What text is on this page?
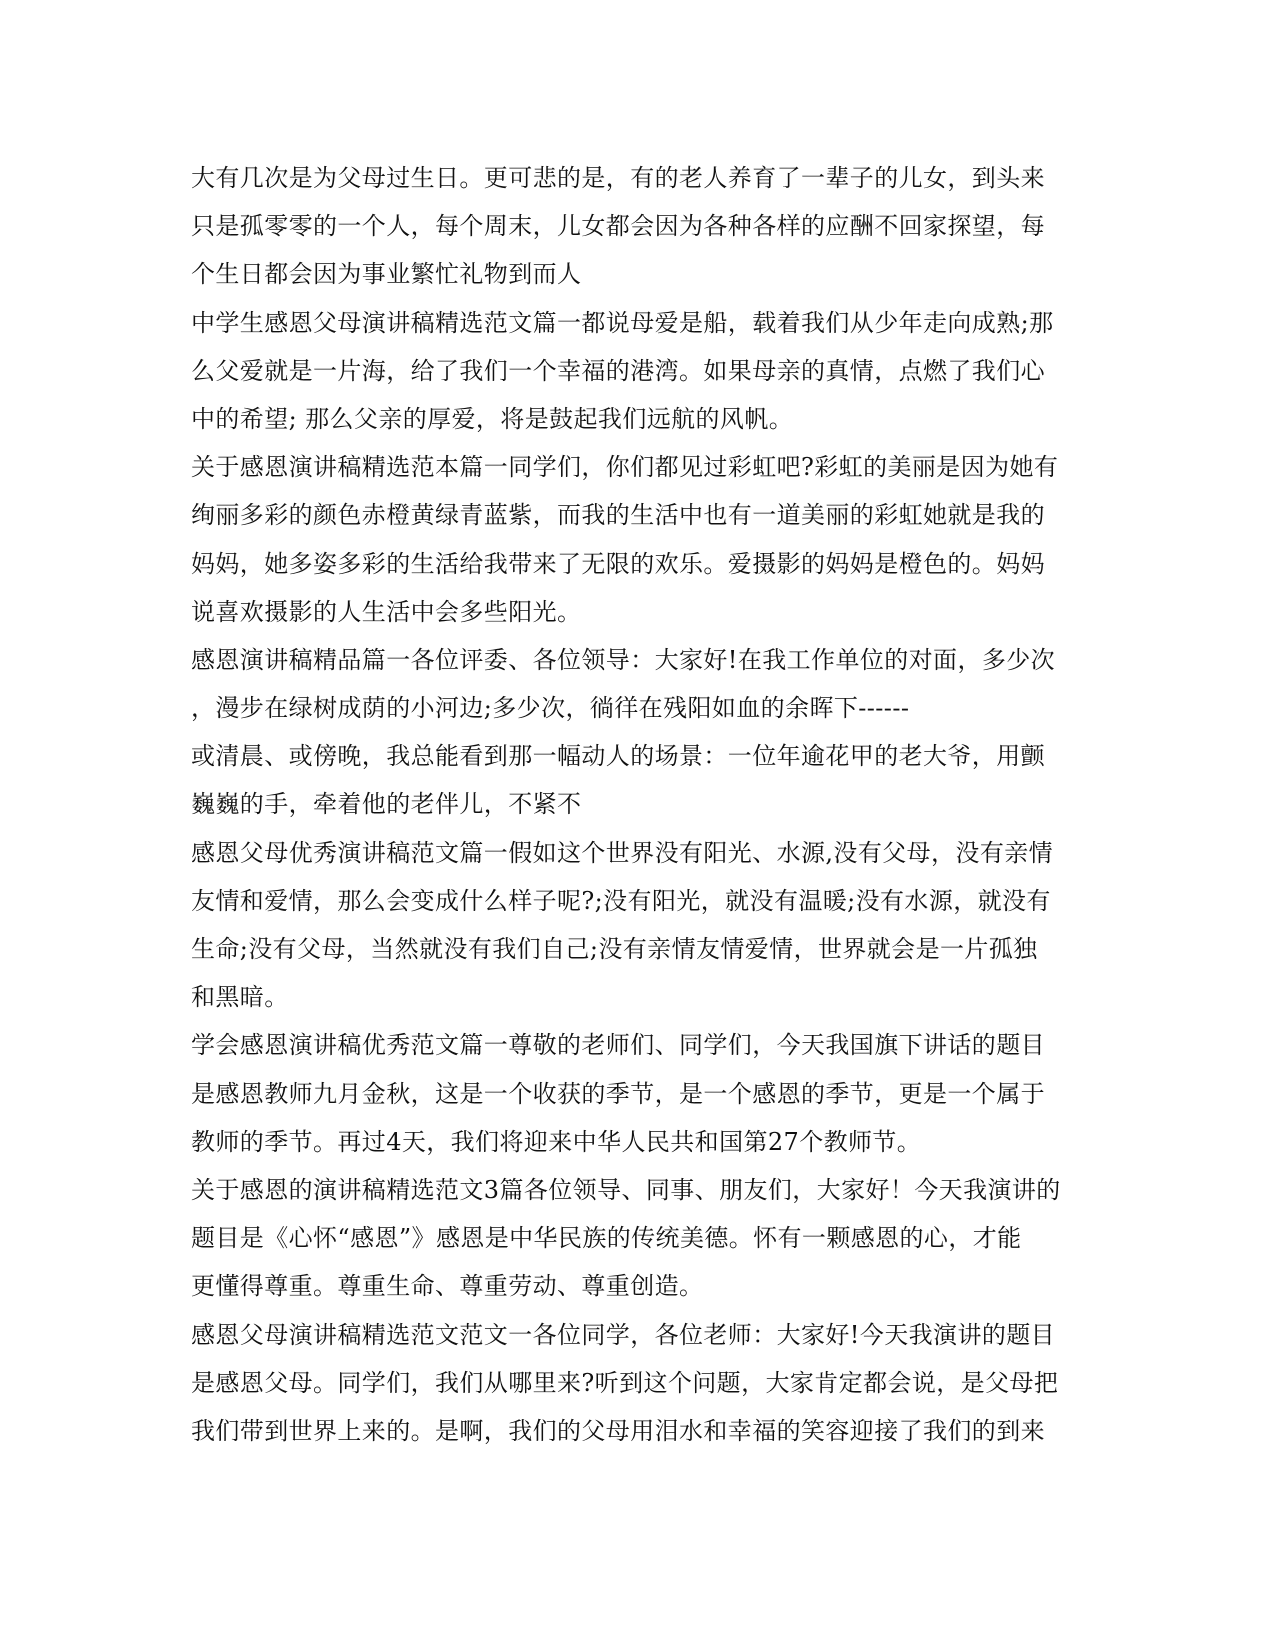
大有几次是为父母过生日。更可悲的是，有的老人养育了一辈子的儿女，到头来
只是孤零零的一个人，每个周末，儿女都会因为各种各样的应酬不回家探望，每
个生日都会因为事业繁忙礼物到而人
中学生感恩父母演讲稿精选范文篇一都说母爱是船，载着我们从少年走向成熟;那
么父爱就是一片海，给了我们一个幸福的港湾。如果母亲的真情，点燃了我们心
中的希望; 那么父亲的厚爱，将是鼓起我们远航的风帆。
关于感恩演讲稿精选范本篇一同学们，你们都见过彩虹吧?彩虹的美丽是因为她有
绚丽多彩的颜色赤橙黄绿青蓝紫，而我的生活中也有一道美丽的彩虹她就是我的
妈妈，她多姿多彩的生活给我带来了无限的欢乐。爱摄影的妈妈是橙色的。妈妈
说喜欢摄影的人生活中会多些阳光。
感恩演讲稿精品篇一各位评委、各位领导：大家好!在我工作单位的对面，多少次
，漫步在绿树成荫的小河边;多少次，徜徉在残阳如血的余晖下------
或清晨、或傍晚，我总能看到那一幅动人的场景：一位年逾花甲的老大爷，用颤
巍巍的手，牵着他的老伴儿，不紧不
感恩父母优秀演讲稿范文篇一假如这个世界没有阳光、水源,没有父母，没有亲情
友情和爱情，那么会变成什么样子呢?;没有阳光，就没有温暖;没有水源，就没有
生命;没有父母，当然就没有我们自己;没有亲情友情爱情，世界就会是一片孤独
和黑暗。
学会感恩演讲稿优秀范文篇一尊敬的老师们、同学们，今天我国旗下讲话的题目
是感恩教师九月金秋，这是一个收获的季节，是一个感恩的季节，更是一个属于
教师的季节。再过4天，我们将迎来中华人民共和国第27个教师节。
关于感恩的演讲稿精选范文3篇各位领导、同事、朋友们，大家好！今天我演讲的
题目是《心怀“感恩”》感恩是中华民族的传统美德。怀有一颗感恩的心，才能
更懂得尊重。尊重生命、尊重劳动、尊重创造。
感恩父母演讲稿精选范文范文一各位同学，各位老师：大家好!今天我演讲的题目
是感恩父母。同学们，我们从哪里来?听到这个问题，大家肯定都会说，是父母把
我们带到世界上来的。是啊，我们的父母用泪水和幸福的笑容迎接了我们的到来
